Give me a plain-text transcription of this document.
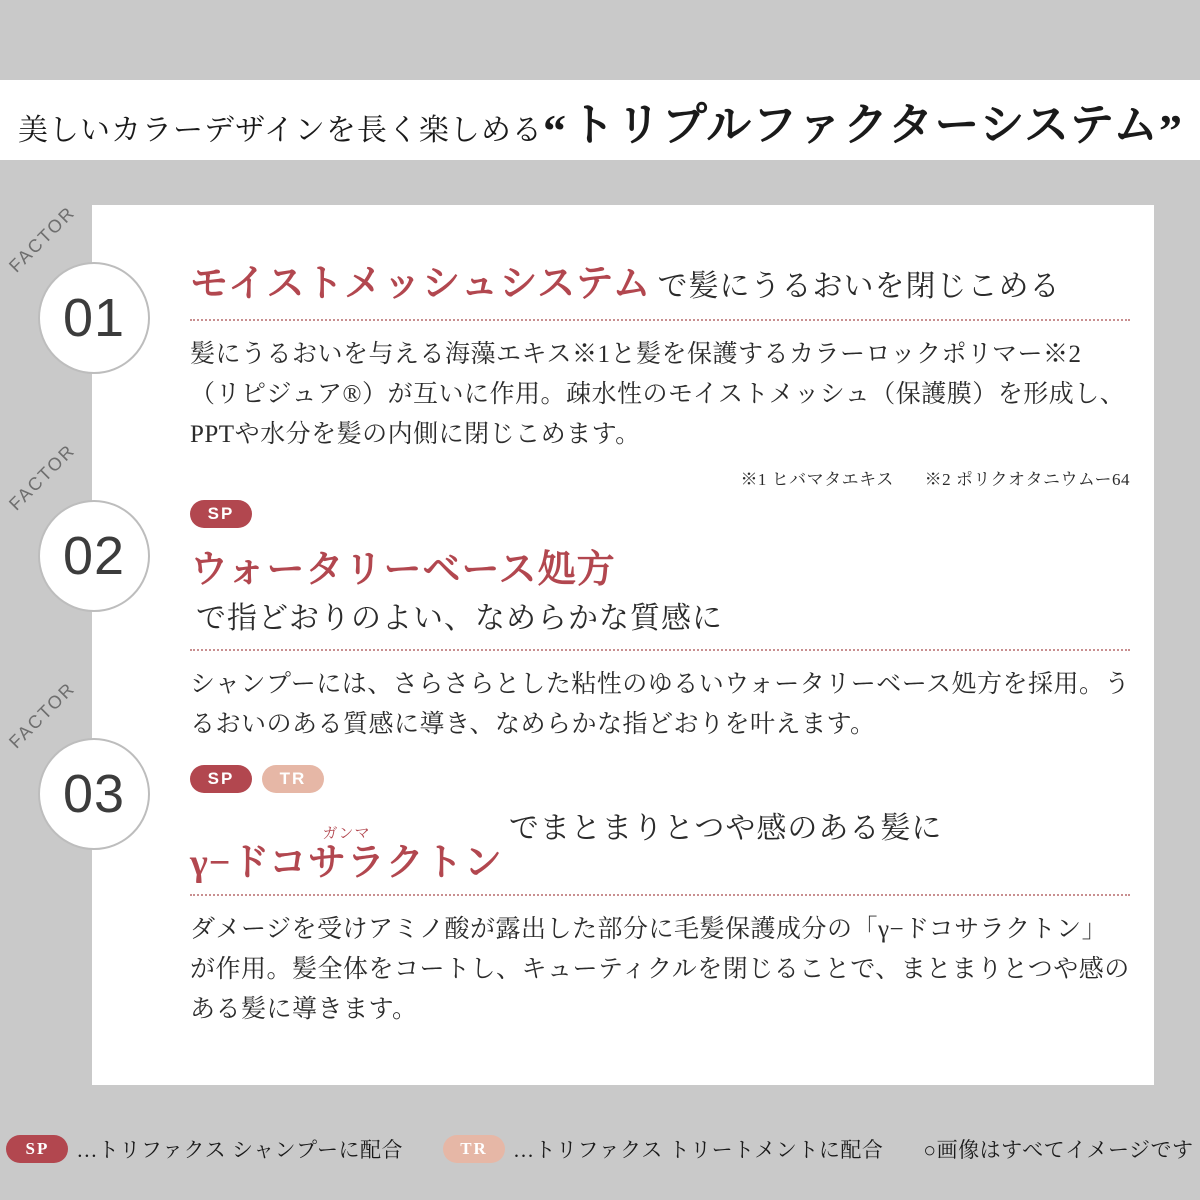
美しいカラーデザインを長く楽しめる “ トリプルファクターシステム ”
FACTOR
01
FACTOR
02
FACTOR
03
モイストメッシュシステム で髪にうるおいを閉じこめる
髪にうるおいを与える海藻エキス※1と髪を保護するカラーロックポリマー※2（リピジュア®）が互いに作用。疎水性のモイストメッシュ（保護膜）を形成し、PPTや水分を髪の内側に閉じこめます。
※1 ヒバマタエキス ※2 ポリクオタニウムー64
SP
ウォータリーベース処方
で指どおりのよい、なめらかな質感に
シャンプーには、さらさらとした粘性のゆるいウォータリーベース処方を採用。うるおいのある質感に導き、なめらかな指どおりを叶えます。
SP	TR
ガンマ
γ−ドコサラクトン
でまとまりとつや感のある髪に
ダメージを受けアミノ酸が露出した部分に毛髪保護成分の「γ−ドコサラクトン」が作用。髪全体をコートし、キューティクルを閉じることで、まとまりとつや感のある髪に導きます。
SP	…トリファクス シャンプーに配合	TR	…トリファクス トリートメントに配合 ○画像はすべてイメージです
